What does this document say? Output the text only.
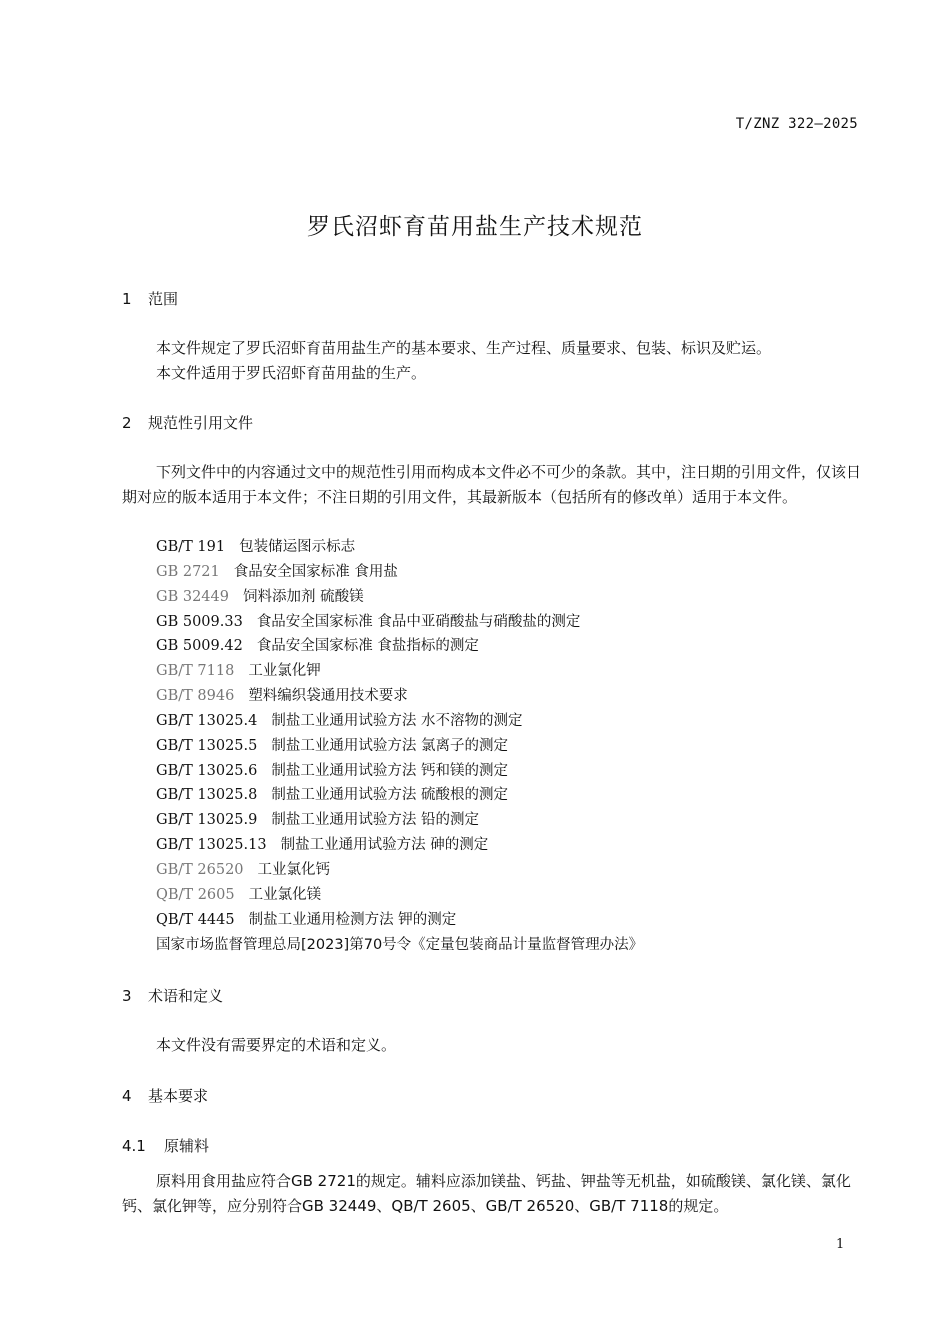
T/ZNZ 322—2025
罗氏沼虾育苗用盐生产技术规范
1 范围
本文件规定了罗氏沼虾育苗用盐生产的基本要求、生产过程、质量要求、包装、标识及贮运。
本文件适用于罗氏沼虾育苗用盐的生产。
2 规范性引用文件
下列文件中的内容通过文中的规范性引用而构成本文件必不可少的条款。其中，注日期的引用文件，仅该日期对应的版本适用于本文件；不注日期的引用文件，其最新版本（包括所有的修改单）适用于本文件。
GB/T 191 包装储运图示标志
GB 2721 食品安全国家标准 食用盐
GB 32449 饲料添加剂 硫酸镁
GB 5009.33 食品安全国家标准 食品中亚硝酸盐与硝酸盐的测定
GB 5009.42 食品安全国家标准 食盐指标的测定
GB/T 7118 工业氯化钾
GB/T 8946 塑料编织袋通用技术要求
GB/T 13025.4 制盐工业通用试验方法 水不溶物的测定
GB/T 13025.5 制盐工业通用试验方法 氯离子的测定
GB/T 13025.6 制盐工业通用试验方法 钙和镁的测定
GB/T 13025.8 制盐工业通用试验方法 硫酸根的测定
GB/T 13025.9 制盐工业通用试验方法 铅的测定
GB/T 13025.13 制盐工业通用试验方法 砷的测定
GB/T 26520 工业氯化钙
QB/T 2605 工业氯化镁
QB/T 4445 制盐工业通用检测方法 钾的测定
国家市场监督管理总局[2023]第70号令《定量包装商品计量监督管理办法》
3 术语和定义
本文件没有需要界定的术语和定义。
4 基本要求
4.1 原辅料
原料用食用盐应符合GB 2721的规定。辅料应添加镁盐、钙盐、钾盐等无机盐，如硫酸镁、氯化镁、氯化钙、氯化钾等，应分别符合GB 32449、QB/T 2605、GB/T 26520、GB/T 7118的规定。
1
